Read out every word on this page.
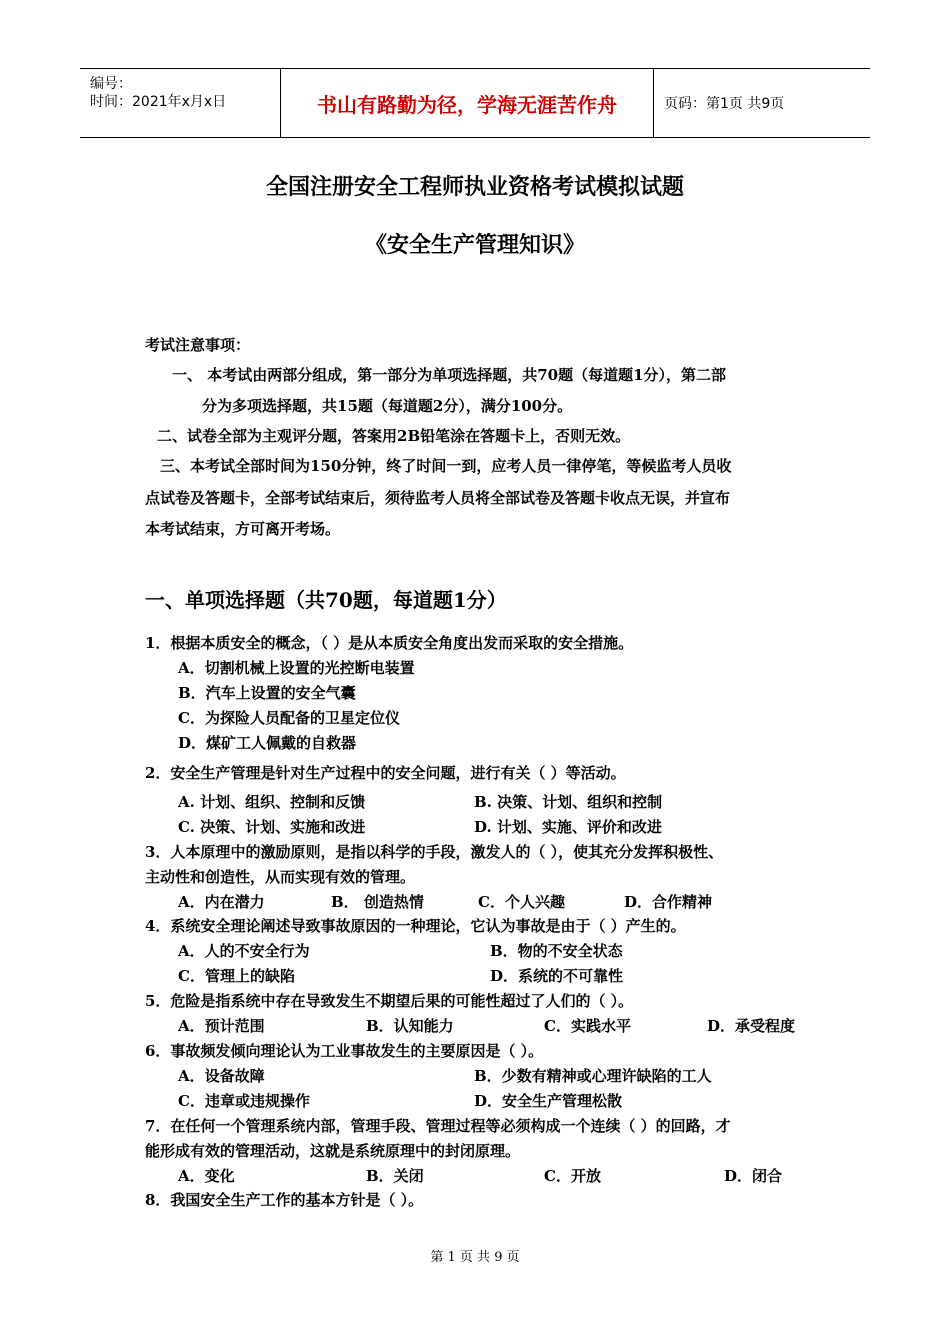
编号：
时间：2021年x月x日	书山有路勤为径，学海无涯苦作舟	页码：第1页 共9页
全国注册安全工程师执业资格考试模拟试题
《安全生产管理知识》
考试注意事项：
一、 本考试由两部分组成，第一部分为单项选择题，共70题（每道题1分），第二部
分为多项选择题，共15题（每道题2分），满分100分。
二、试卷全部为主观评分题，答案用2B铅笔涂在答题卡上，否则无效。
三、本考试全部时间为150分钟，终了时间一到，应考人员一律停笔，等候监考人员收
点试卷及答题卡，全部考试结束后，须待监考人员将全部试卷及答题卡收点无误，并宣布
本考试结束，方可离开考场。
一、单项选择题（共70题，每道题1分）
1．根据本质安全的概念，（ ）是从本质安全角度出发而采取的安全措施。
A．切割机械上设置的光控断电装置
B．汽车上设置的安全气囊
C．为探险人员配备的卫星定位仪
D．煤矿工人佩戴的自救器
2．安全生产管理是针对生产过程中的安全问题，进行有关（ ）等活动。
A. 计划、组织、控制和反馈	B. 决策、计划、组织和控制
C. 决策、计划、实施和改进	D. 计划、实施、评价和改进
3．人本原理中的激励原则，是指以科学的手段，激发人的（ ），使其充分发挥积极性、
主动性和创造性，从而实现有效的管理。
A．内在潜力	B． 创造热情	C．个人兴趣	D．合作精神
4．系统安全理论阐述导致事故原因的一种理论，它认为事故是由于（ ）产生的。
A．人的不安全行为	B．物的不安全状态
C．管理上的缺陷	D．系统的不可靠性
5．危险是指系统中存在导致发生不期望后果的可能性超过了人们的（ ）。
A．预计范围	B．认知能力	C．实践水平	D．承受程度
6．事故频发倾向理论认为工业事故发生的主要原因是（ ）。
A．设备故障	B．少数有精神或心理许缺陷的工人
C．违章或违规操作	D．安全生产管理松散
7．在任何一个管理系统内部，管理手段、管理过程等必须构成一个连续（ ）的回路，才
能形成有效的管理活动，这就是系统原理中的封闭原理。
A．变化	B．关闭	C．开放	D．闭合
8．我国安全生产工作的基本方针是（ ）。
第 1 页 共 9 页
